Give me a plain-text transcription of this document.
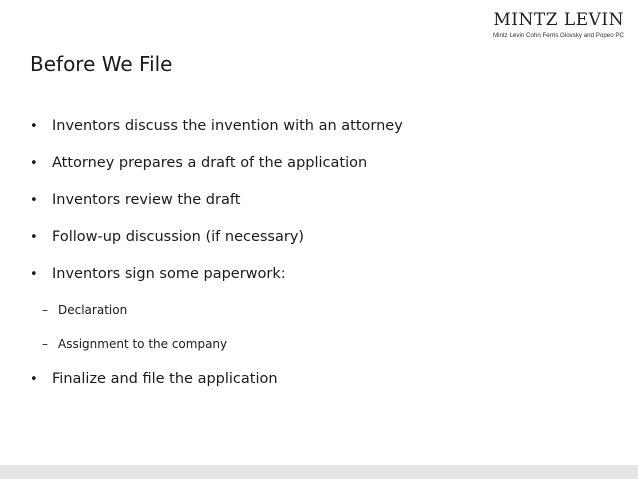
MINTZ LEVIN
Mintz Levin Cohn Ferris Glovsky and Popeo PC
Before We File
• Inventors discuss the invention with an attorney
• Attorney prepares a draft of the application
• Inventors review the draft
• Follow-up discussion (if necessary)
• Inventors sign some paperwork:
– Declaration
– Assignment to the company
• Finalize and file the application
